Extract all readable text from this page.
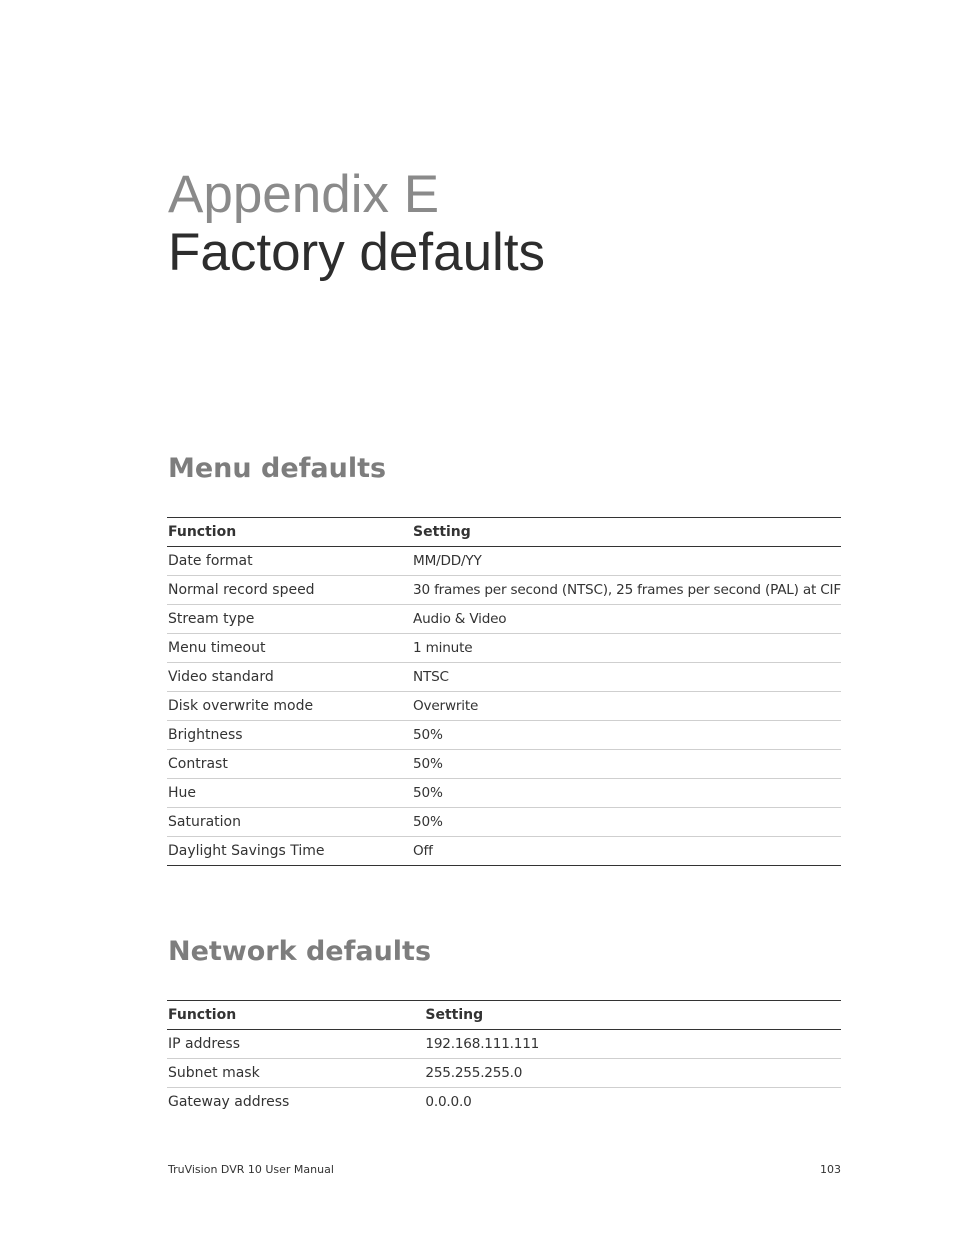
Appendix E
Factory defaults
Menu defaults
Function	Setting
Date format	MM/DD/YY
Normal record speed	30 frames per second (NTSC), 25 frames per second (PAL) at CIF
Stream type	Audio & Video
Menu timeout	1 minute
Video standard	NTSC
Disk overwrite mode	Overwrite
Brightness	50%
Contrast	50%
Hue	50%
Saturation	50%
Daylight Savings Time	Off
Network defaults
Function	Setting
IP address	192.168.111.111
Subnet mask	255.255.255.0
Gateway address	0.0.0.0
TruVision DVR 10 User Manual	103
